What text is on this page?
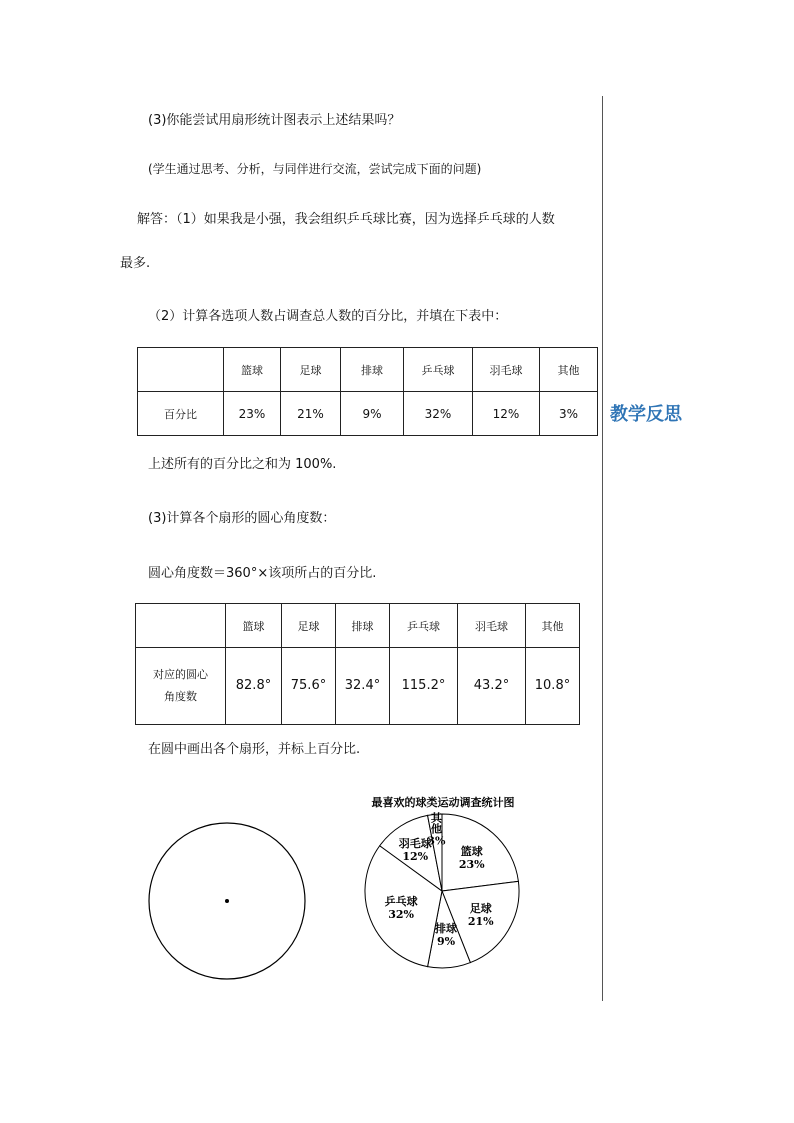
(3)你能尝试用扇形统计图表示上述结果吗？
(学生通过思考、分析，与同伴进行交流，尝试完成下面的问题)
解答：（1）如果我是小强，我会组织乒乓球比赛，因为选择乒乓球的人数
最多.
（2）计算各选项人数占调查总人数的百分比，并填在下表中：
	篮球	足球	排球	乒乓球	羽毛球	其他
百分比	23%	21%	9%	32%	12%	3%
上述所有的百分比之和为 100%.
(3)计算各个扇形的圆心角度数：
圆心角度数＝360°×该项所占的百分比.
	篮球	足球	排球	乒乓球	羽毛球	其他

对应的圆心
角度数	82.8°	75.6°	32.4°	115.2°	43.2°	10.8°
在圆中画出各个扇形，并标上百分比.
最喜欢的球类运动调查统计图
篮球
23%
足球
21%
排球
9%
乒乓球
32%
羽毛球
12%
其
他
3%
教学反思
